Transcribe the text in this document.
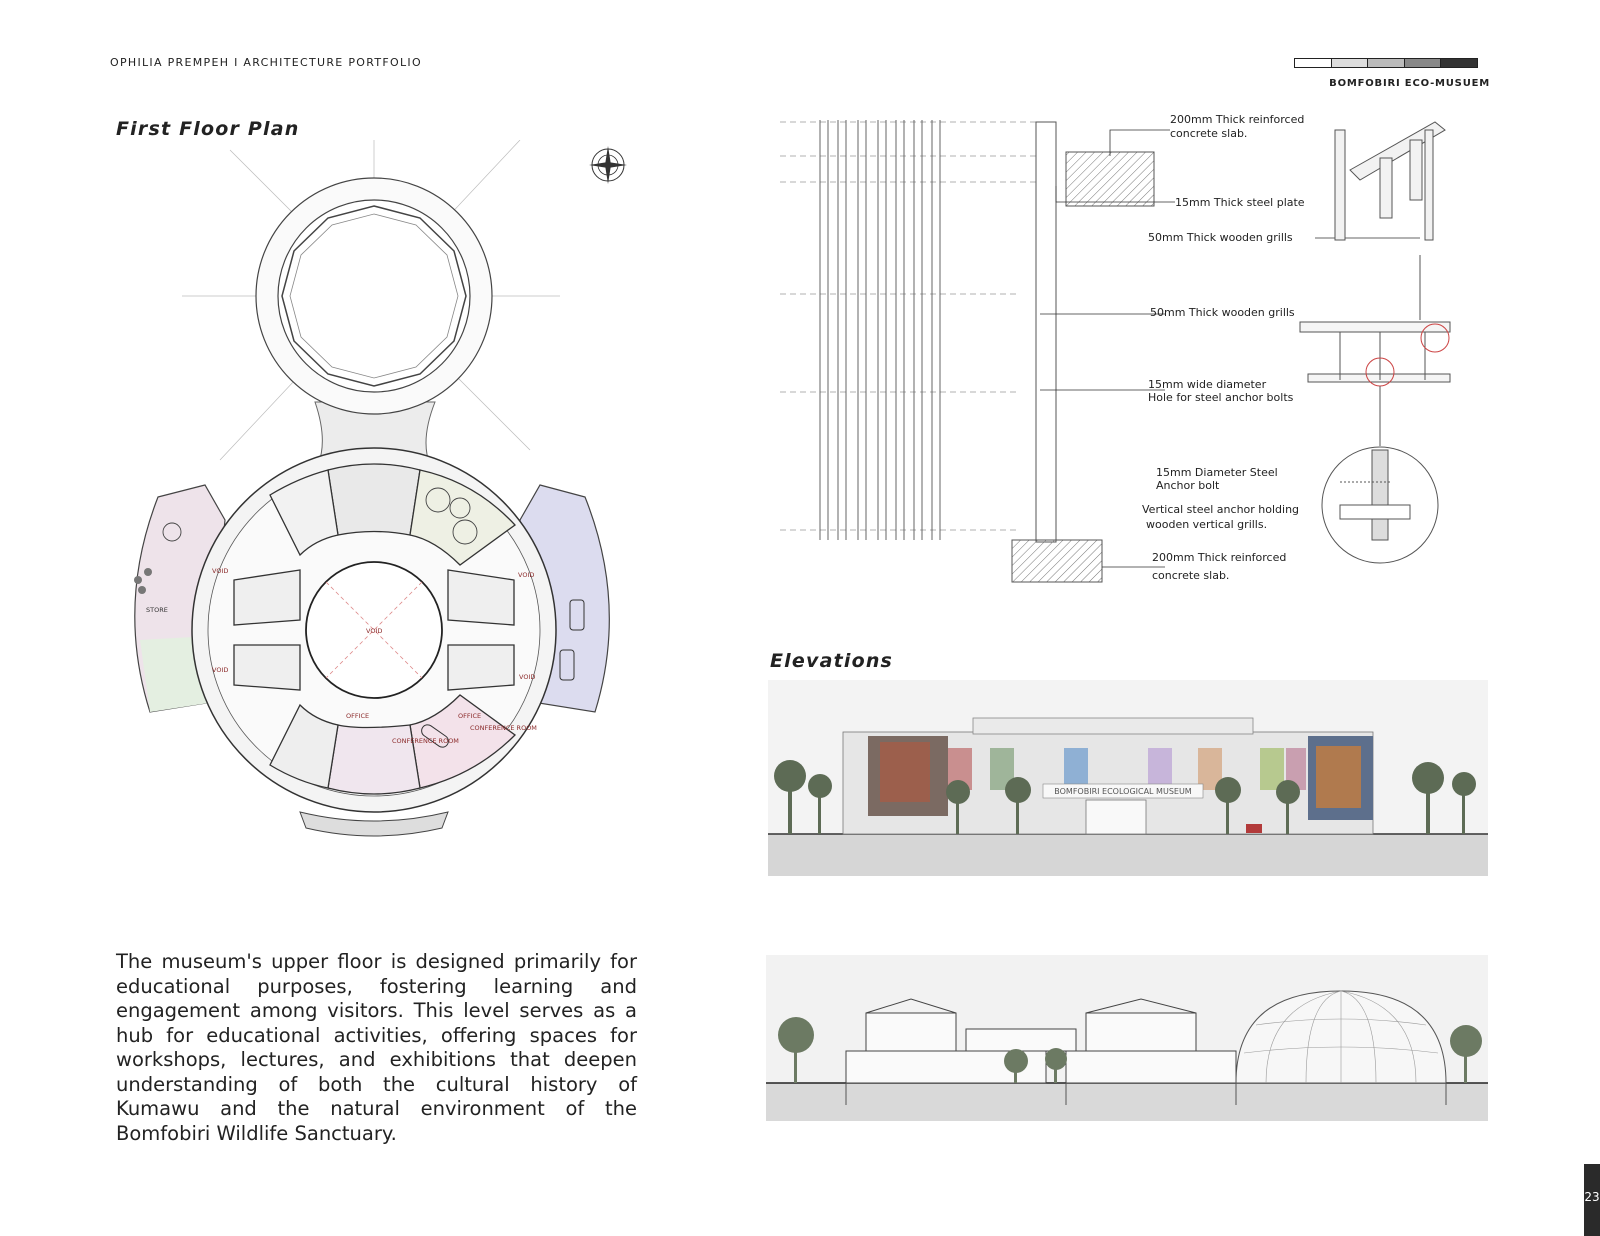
OPHILIA PREMPEH I ARCHITECTURE PORTFOLIO
BOMFOBIRI ECO-MUSUEM
First Floor Plan
VOID
VOID	VOID
VOID
VOID
OFFICE	OFFICE
STORE
CONFERENCE ROOM
CONFERENCE ROOM
200mm Thick reinforced concrete slab.
15mm Thick steel plate
50mm Thick wooden grills
50mm Thick wooden grills
15mm wide diameter Hole for steel anchor bolts
15mm Diameter Steel Anchor bolt
Vertical steel anchor holding wooden vertical grills.
200mm Thick reinforced concrete slab.
Elevations
BOMFOBIRI ECOLOGICAL MUSEUM
The museum's upper floor is designed primarily for educational purposes, fostering learning and engagement among visitors. This level serves as a hub for educational activities, offering spaces for workshops, lectures, and exhibitions that deepen understanding of both the cultural history of Kumawu and the natural environment of the Bomfobiri Wildlife Sanctuary.
23
